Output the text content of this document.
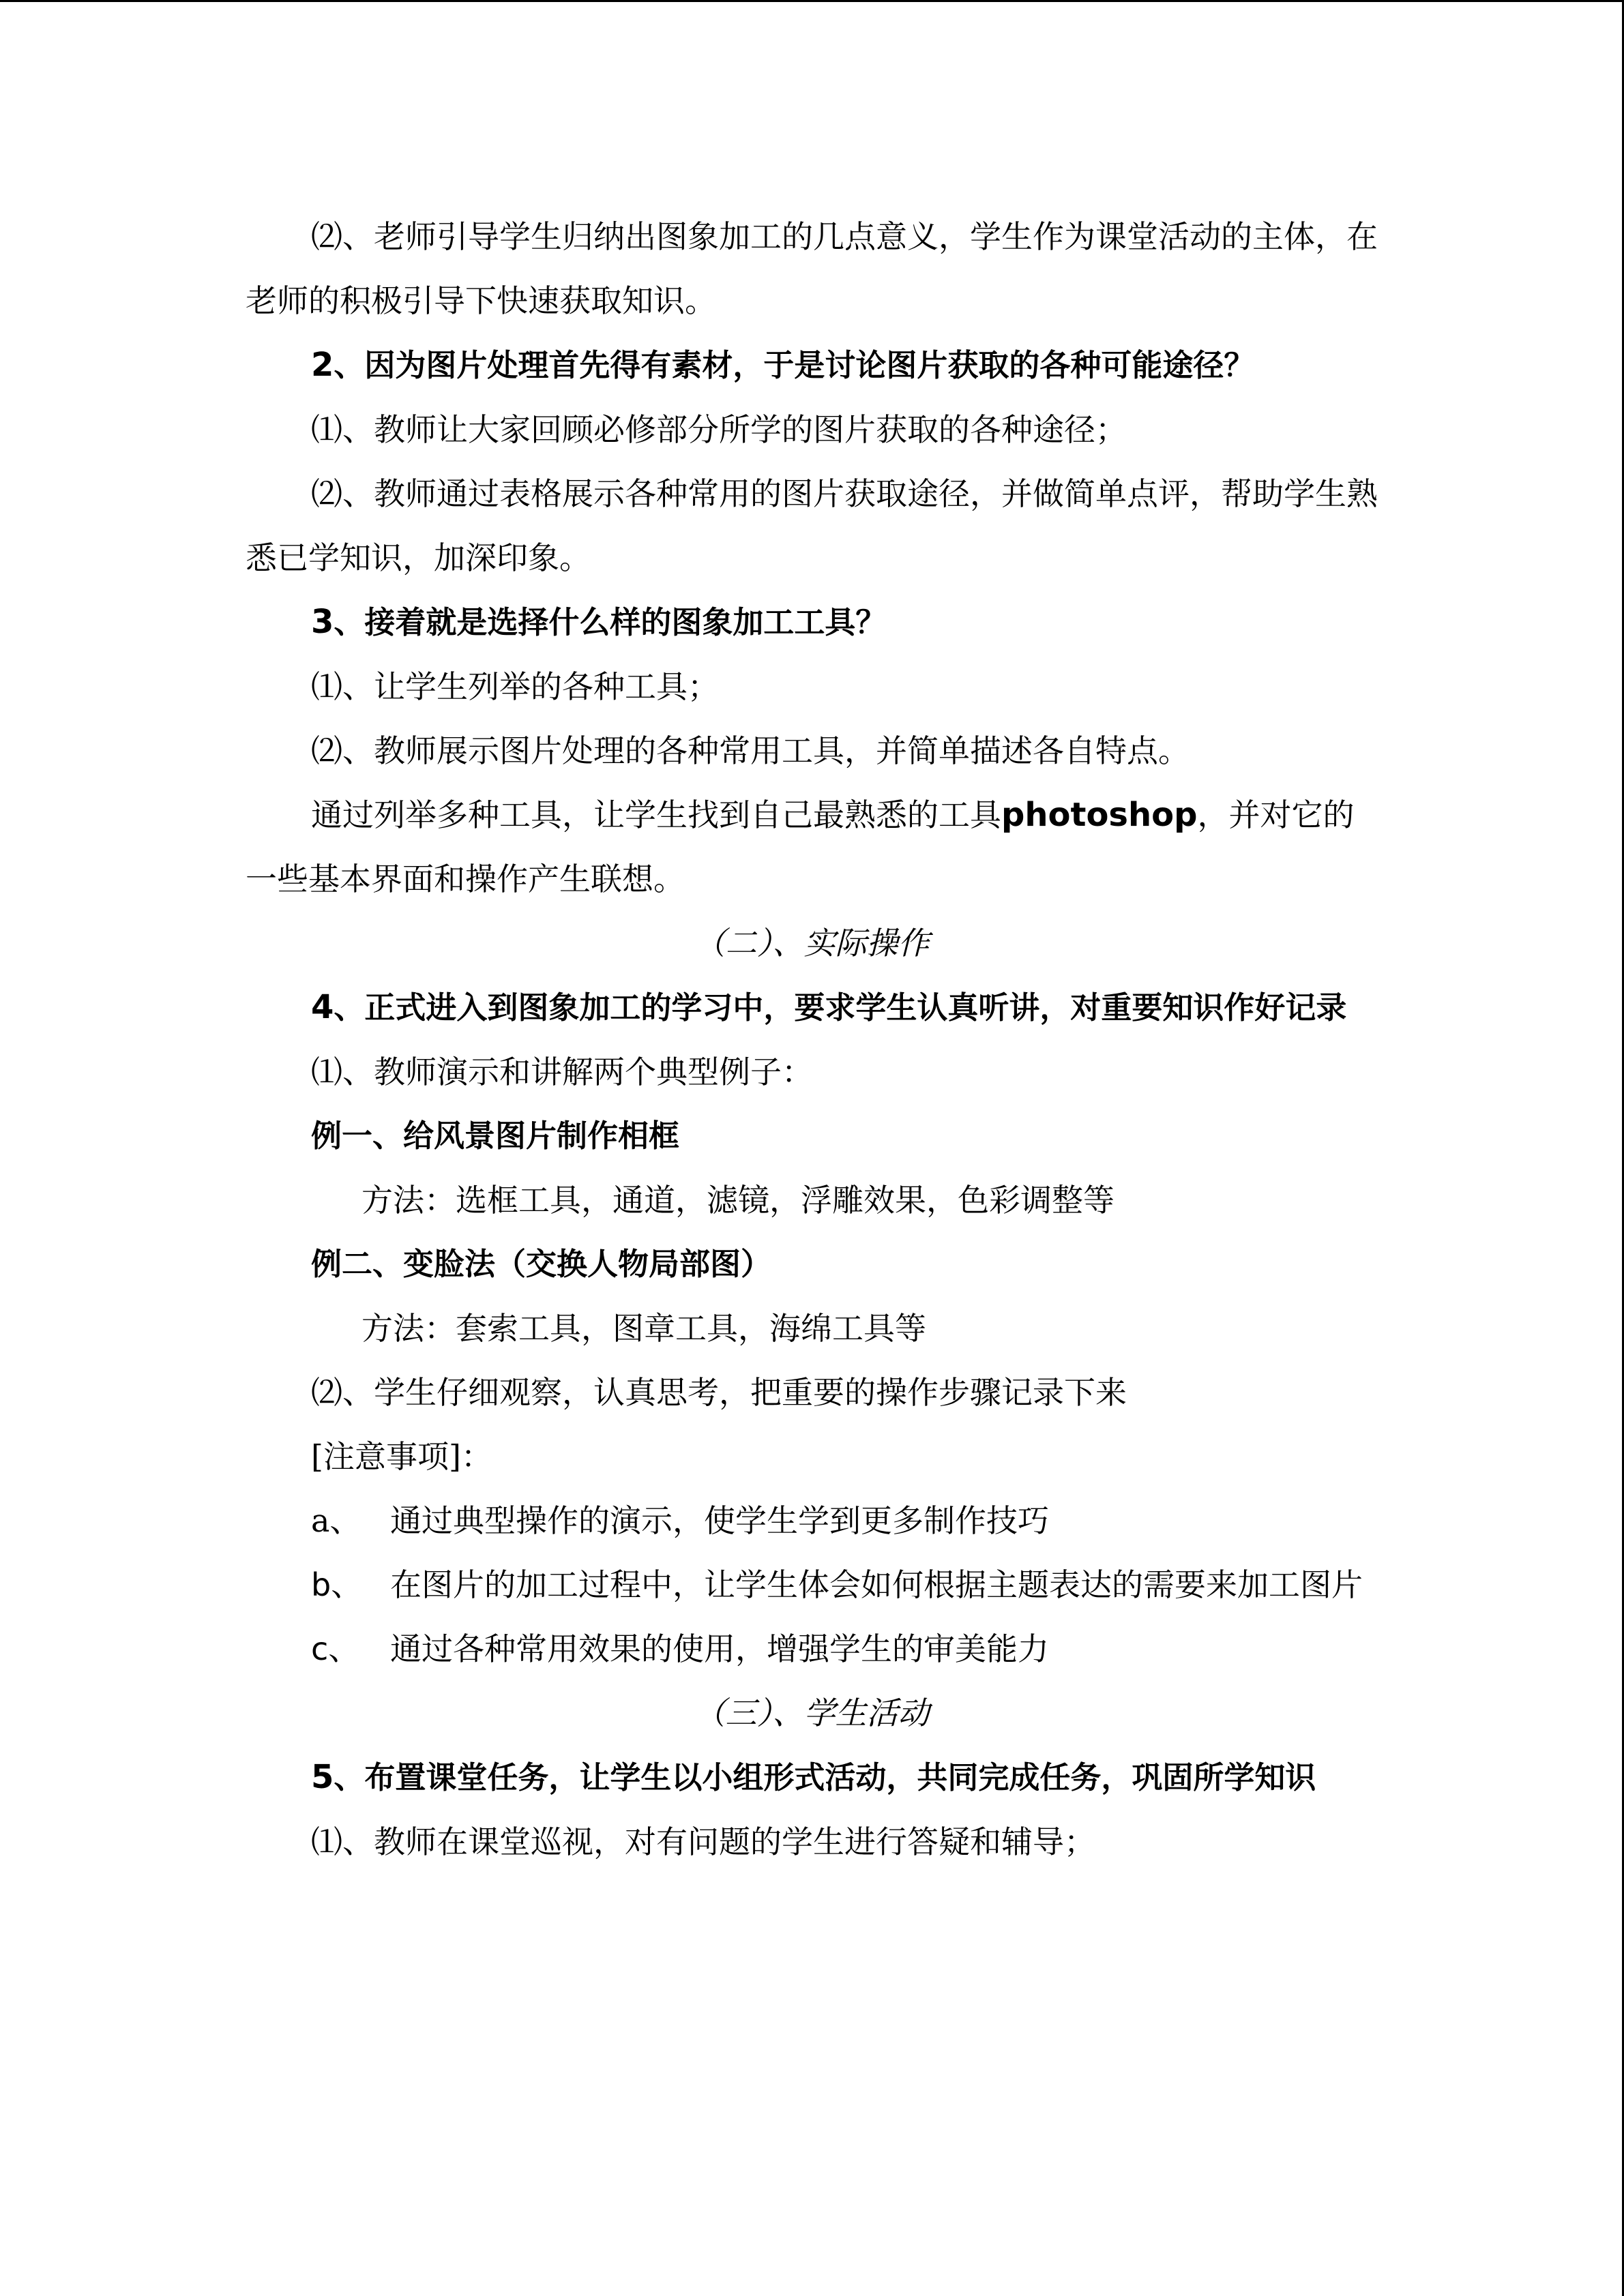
⑵、老师引导学生归纳出图象加工的几点意义，学生作为课堂活动的主体，在老师的积极引导下快速获取知识。

2、因为图片处理首先得有素材，于是讨论图片获取的各种可能途径？

⑴、教师让大家回顾必修部分所学的图片获取的各种途径；

⑵、教师通过表格展示各种常用的图片获取途径，并做简单点评，帮助学生熟悉已学知识，加深印象。

3、接着就是选择什么样的图象加工工具？

⑴、让学生列举的各种工具；

⑵、教师展示图片处理的各种常用工具，并简单描述各自特点。

通过列举多种工具，让学生找到自己最熟悉的工具photoshop，并对它的一些基本界面和操作产生联想。

（二）、实际操作

4、正式进入到图象加工的学习中，要求学生认真听讲，对重要知识作好记录

⑴、教师演示和讲解两个典型例子：

例一、给风景图片制作相框

方法：选框工具，通道，滤镜，浮雕效果，色彩调整等

例二、变脸法（交换人物局部图）

方法：套索工具，图章工具，海绵工具等

⑵、学生仔细观察，认真思考，把重要的操作步骤记录下来

[注意事项]：

a、 通过典型操作的演示，使学生学到更多制作技巧

b、 在图片的加工过程中，让学生体会如何根据主题表达的需要来加工图片

c、 通过各种常用效果的使用，增强学生的审美能力

（三）、学生活动

5、布置课堂任务，让学生以小组形式活动，共同完成任务，巩固所学知识

⑴、教师在课堂巡视，对有问题的学生进行答疑和辅导；
